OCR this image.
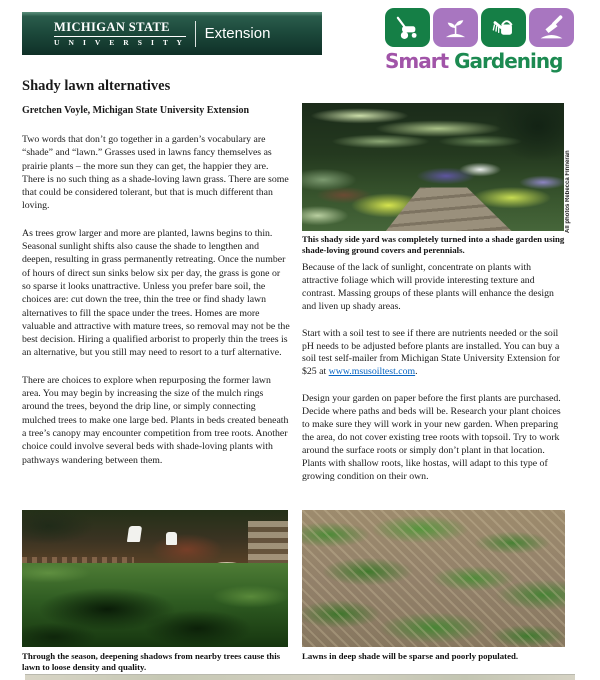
MICHIGAN STATE
U N I V E R S I T Y
Extension
Smart Gardening
Shady lawn alternatives
Gretchen Voyle, Michigan State University Extension

Two words that don’t go together in a garden’s vocabulary are “shade” and “lawn.” Grasses used in lawns fancy themselves as prairie plants – the more sun they can get, the happier they are. There is no such thing as a shade-loving lawn grass. There are some that could be considered tolerant, but that is much different than loving.

As trees grow larger and more are planted, lawns begins to thin. Seasonal sunlight shifts also cause the shade to lengthen and deepen, resulting in grass permanently retreating. Once the number of hours of direct sun sinks below six per day, the grass is gone or so sparse it looks unattractive. Unless you prefer bare soil, the choices are: cut down the tree, thin the tree or find shady lawn alternatives to fill the space under the trees. Homes are more valuable and attractive with mature trees, so removal may not be the best decision. Hiring a qualified arborist to properly thin the trees is an alternative, but you still may need to resort to a turf alternative.

There are choices to explore when repurposing the former lawn area. You may begin by increasing the size of the mulch rings around the trees, beyond the drip line, or simply connecting mulched trees to make one large bed. Plants in beds created beneath a tree’s canopy may encounter competition from tree roots. Another choice could involve several beds with shade-loving plants with pathways wandering between them.

All photos Rebecca Finneran
This shady side yard was completely turned into a shade garden using shade-loving ground covers and perennials.

Because of the lack of sunlight, concentrate on plants with attractive foliage which will provide interesting texture and contrast. Massing groups of these plants will enhance the design and liven up shady areas.

Start with a soil test to see if there are nutrients needed or the soil pH needs to be adjusted before plants are installed. You can buy a soil test self-mailer from Michigan State University Extension for $25 at www.msusoiltest.com.

Design your garden on paper before the first plants are purchased. Decide where paths and beds will be. Research your plant choices to make sure they will work in your new garden. When preparing the area, do not cover existing tree roots with topsoil. Try to work around the surface roots or simply don’t plant in that location. Plants with shallow roots, like hostas, will adapt to this type of growing condition on their own.

Through the season, deepening shadows from nearby trees cause this lawn to loose density and quality.
Lawns in deep shade will be sparse and poorly populated.
